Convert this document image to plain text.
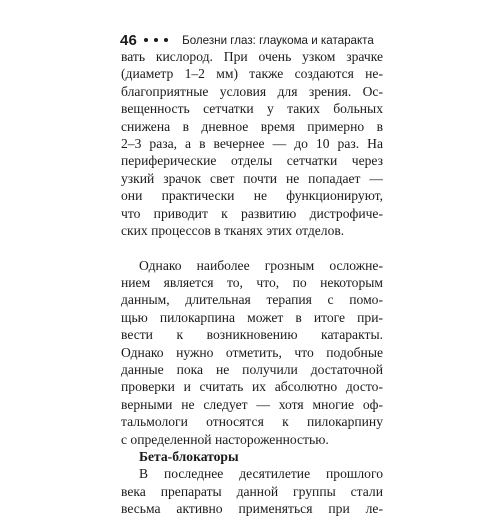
46	Болезни глаз: глаукома и катаракта
вать кислород. При очень узком зрачке
(диаметр 1–2 мм) также создаются не-
благоприятные условия для зрения. Ос-
вещенность сетчатки у таких больных
снижена в дневное время примерно в
2–3 раза, а в вечернее — до 10 раз. На
периферические отделы сетчатки через
узкий зрачок свет почти не попадает —
они практически не функционируют,
что приводит к развитию дистрофиче-
ских процессов в тканях этих отделов.
Однако наиболее грозным осложне-
нием является то, что, по некоторым
данным, длительная терапия с помо-
щью пилокарпина может в итоге при-
вести к возникновению катаракты.
Однако нужно отметить, что подобные
данные пока не получили достаточной
проверки и считать их абсолютно досто-
верными не следует — хотя многие оф-
тальмологи относятся к пилокарпину
с определенной настороженностью.
Бета-блокаторы
В последнее десятилетие прошлого
века препараты данной группы стали
весьма активно применяться при ле-
